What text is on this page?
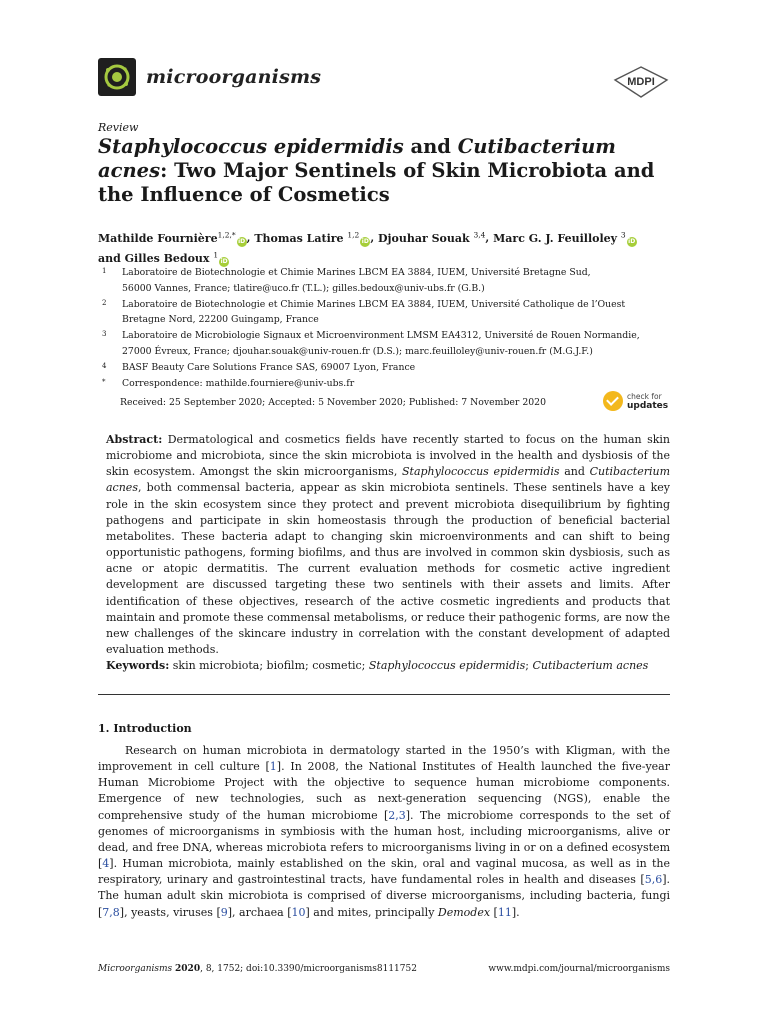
microorganisms	MDPI
Review
Staphylococcus epidermidis and Cutibacterium acnes: Two Major Sentinels of Skin Microbiota and the Influence of Cosmetics
Mathilde Fournière$^{1,2,*}$iD, Thomas Latire $^{1,2}$iD, Djouhar Souak $^{3,4}$, Marc G. J. Feuilloley $^3$iD
and Gilles Bedoux $^1$iD
1	Laboratoire de Biotechnologie et Chimie Marines LBCM EA 3884, IUEM, Université Bretagne Sud,
56000 Vannes, France; tlatire@uco.fr (T.L.); gilles.bedoux@univ-ubs.fr (G.B.)
2	Laboratoire de Biotechnologie et Chimie Marines LBCM EA 3884, IUEM, Université Catholique de l’Ouest
Bretagne Nord, 22200 Guingamp, France
3	Laboratoire de Microbiologie Signaux et Microenvironment LMSM EA4312, Université de Rouen Normandie,
27000 Évreux, France; djouhar.souak@univ-rouen.fr (D.S.); marc.feuilloley@univ-rouen.fr (M.G.J.F.)
4	BASF Beauty Care Solutions France SAS, 69007 Lyon, France
*	Correspondence: mathilde.fourniere@univ-ubs.fr
Received: 25 September 2020; Accepted: 5 November 2020; Published: 7 November 2020
check for
updates

Abstract: Dermatological and cosmetics fields have recently started to focus on the human skin microbiome and microbiota, since the skin microbiota is involved in the health and dysbiosis of the skin ecosystem. Amongst the skin microorganisms, Staphylococcus epidermidis and Cutibacterium acnes, both commensal bacteria, appear as skin microbiota sentinels. These sentinels have a key role in the skin ecosystem since they protect and prevent microbiota disequilibrium by fighting pathogens and participate in skin homeostasis through the production of beneficial bacterial metabolites. These bacteria adapt to changing skin microenvironments and can shift to being opportunistic pathogens, forming biofilms, and thus are involved in common skin dysbiosis, such as acne or atopic dermatitis. The current evaluation methods for cosmetic active ingredient development are discussed targeting these two sentinels with their assets and limits. After identification of these objectives, research of the active cosmetic ingredients and products that maintain and promote these commensal metabolisms, or reduce their pathogenic forms, are now the new challenges of the skincare industry in correlation with the constant development of adapted evaluation methods.

Keywords: skin microbiota; biofilm; cosmetic; Staphylococcus epidermidis; Cutibacterium acnes
1. Introduction

Research on human microbiota in dermatology started in the 1950’s with Kligman, with the improvement in cell culture [1]. In 2008, the National Institutes of Health launched the five-year Human Microbiome Project with the objective to sequence human microbiome components. Emergence of new technologies, such as next-generation sequencing (NGS), enable the comprehensive study of the human microbiome [2,3]. The microbiome corresponds to the set of genomes of microorganisms in symbiosis with the human host, including microorganisms, alive or dead, and free DNA, whereas microbiota refers to microorganisms living in or on a defined ecosystem [4]. Human microbiota, mainly established on the skin, oral and vaginal mucosa, as well as in the respiratory, urinary and gastrointestinal tracts, have fundamental roles in health and diseases [5,6]. The human adult skin microbiota is comprised of diverse microorganisms, including bacteria, fungi [7,8], yeasts, viruses [9], archaea [10] and mites, principally Demodex [11].

Microorganisms 2020, 8, 1752; doi:10.3390/microorganisms8111752	www.mdpi.com/journal/microorganisms
